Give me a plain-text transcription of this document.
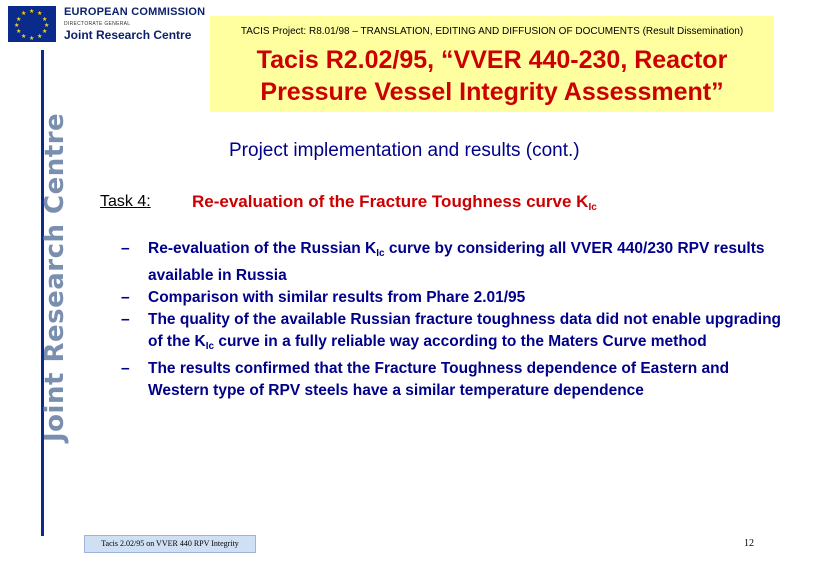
★ ★
★
★
★
★
★
★
★
★
★
★	EUROPEAN COMMISSION
DIRECTORATE GENERAL
Joint Research Centre	TACIS Project: R8.01/98 – TRANSLATION, EDITING AND DIFFUSION OF DOCUMENTS (Result Dissemination)
Tacis R2.02/95, “VVER 440-230, Reactor
Pressure Vessel Integrity Assessment”
Joint Research Centre	Project implementation and results (cont.)
Task 4: Re-evaluation of the Fracture Toughness curve $K_{Ic}$
– Re-evaluation of the Russian $K_{Ic}$ curve by considering all VVER 440/230 RPV results available in Russia
– Comparison with similar results from Phare 2.01/95
– The quality of the available Russian fracture toughness data did not enable upgrading of the $K_{Ic}$ curve in a fully reliable way according to the Maters Curve method
– The results confirmed that the Fracture Toughness dependence of Eastern and Western type of RPV steels have a similar temperature dependence
Tacis 2.02/95 on VVER 440 RPV Integrity	12
